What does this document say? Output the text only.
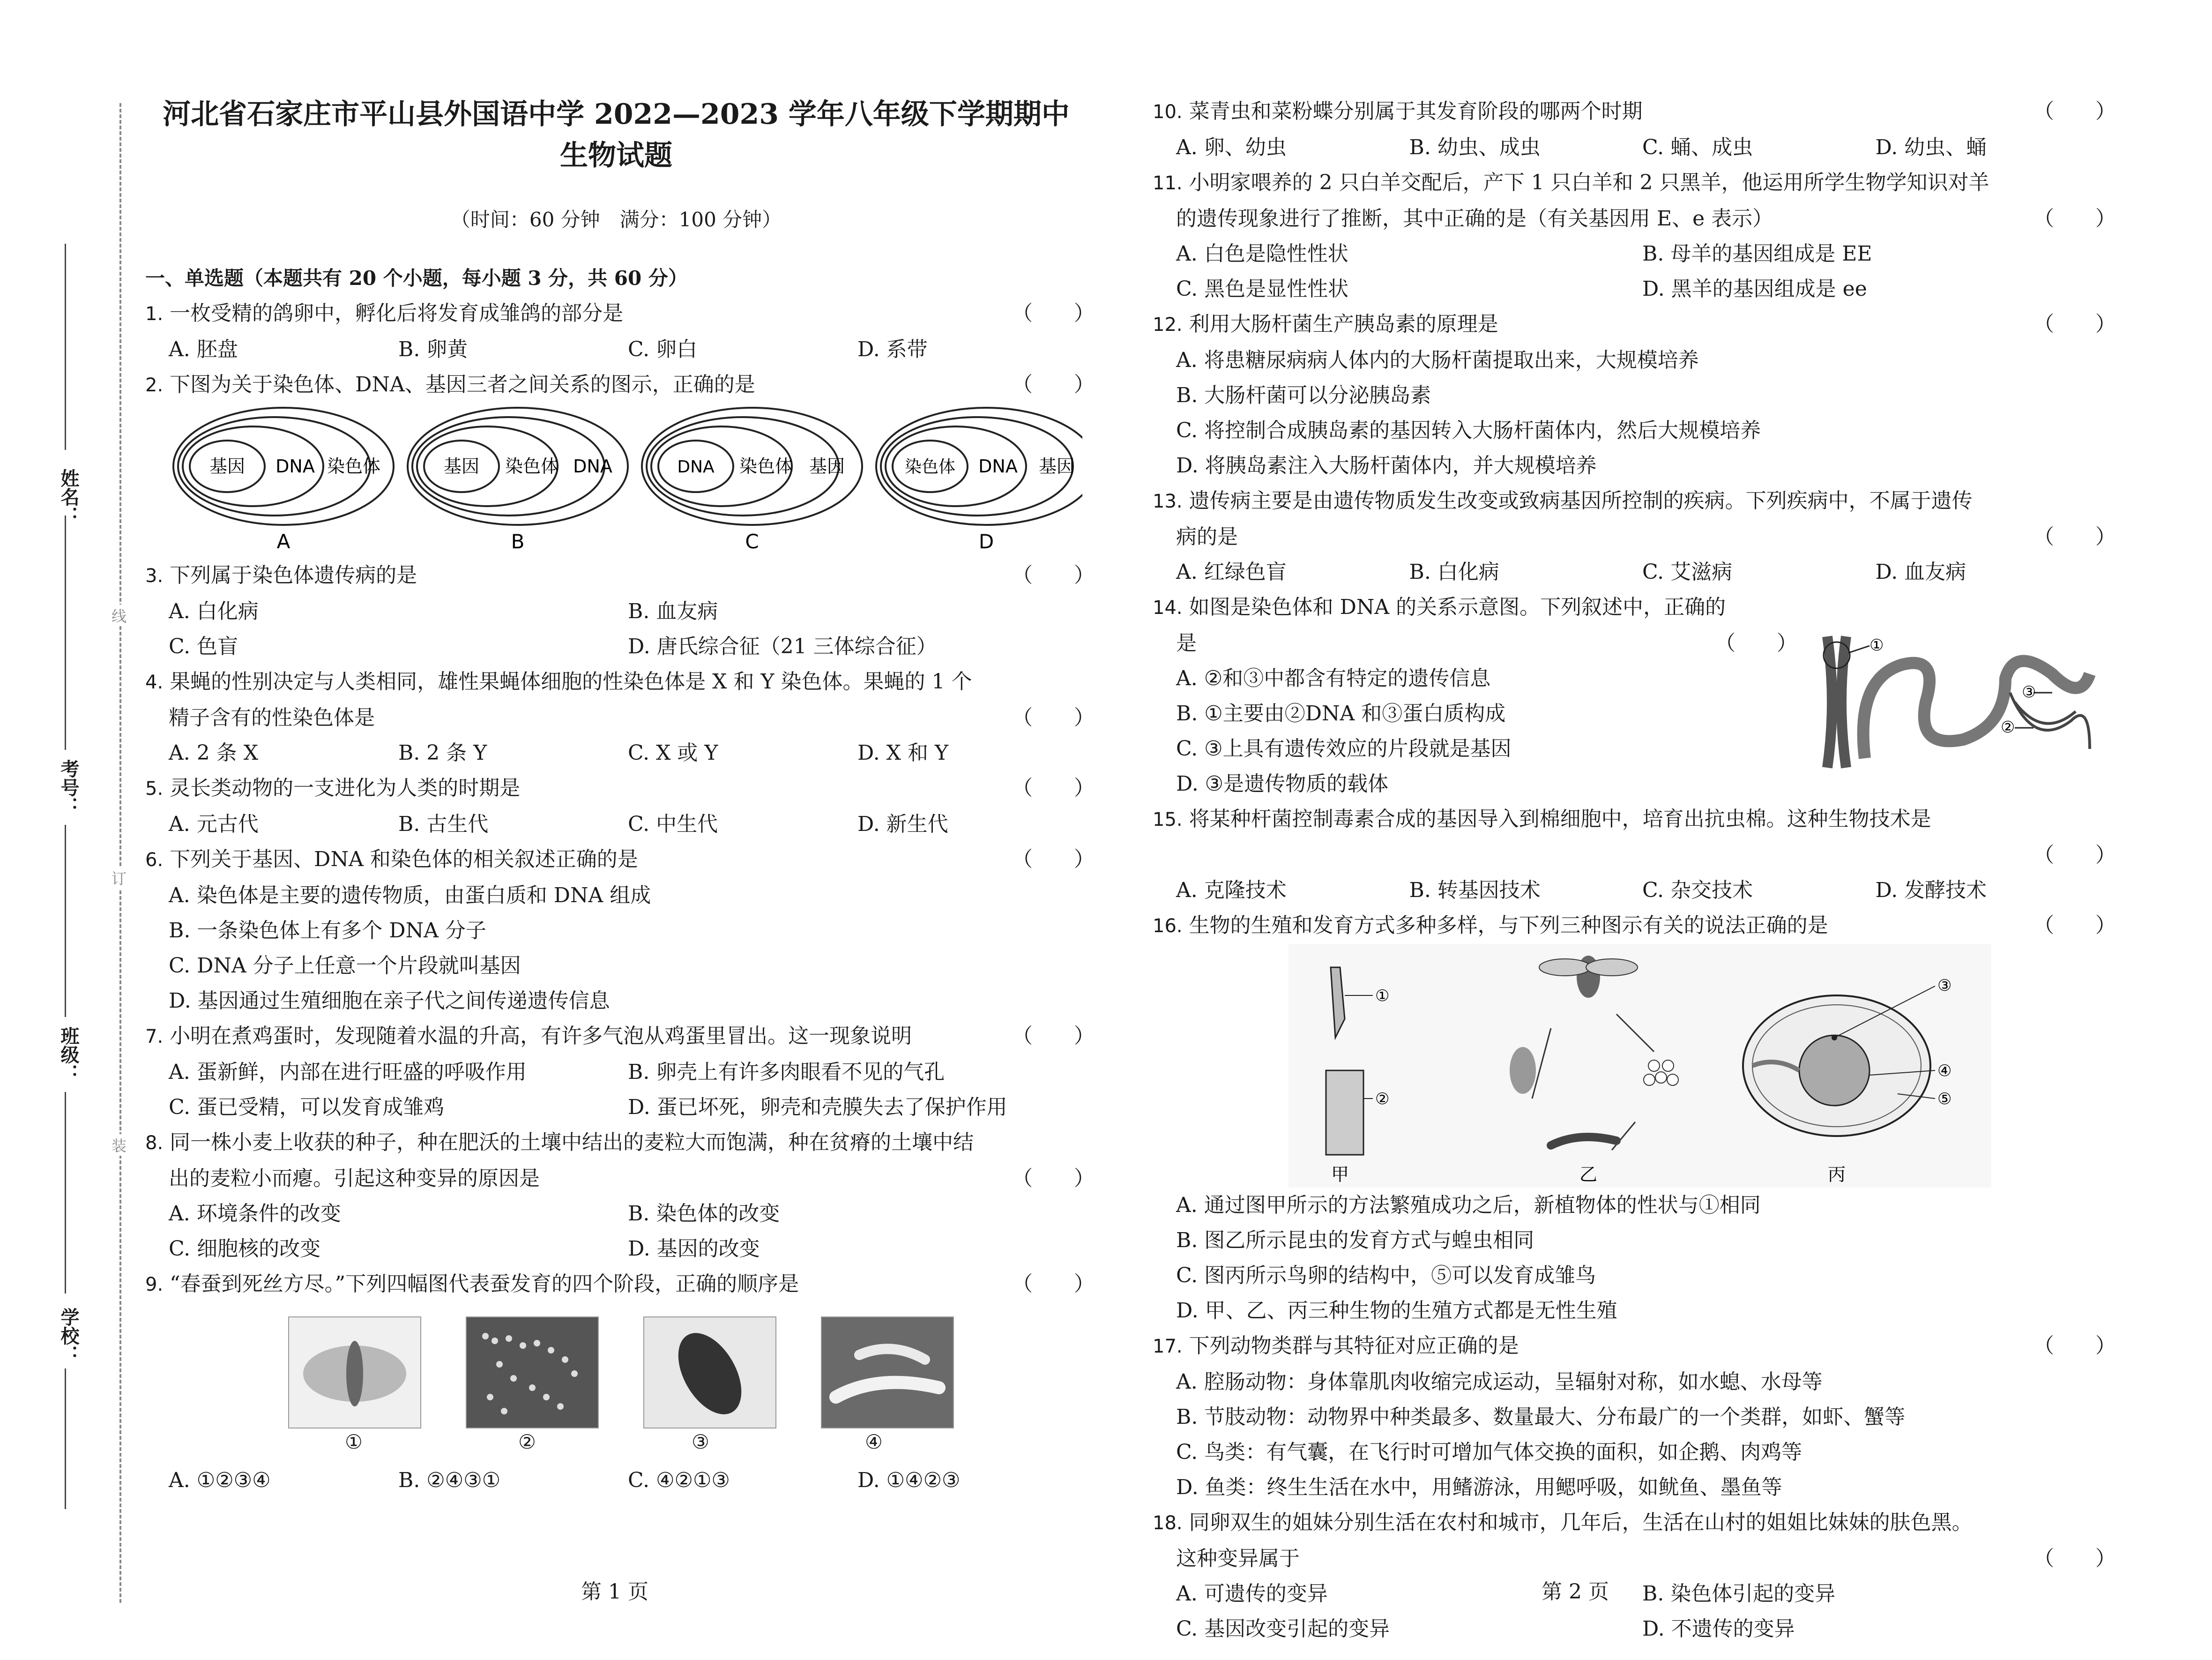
姓名：
考号：
班级：
学校：
线
订
装
河北省石家庄市平山县外国语中学 2022—2023 学年八年级下学期期中
生物试题
（时间：60 分钟　满分：100 分钟）
一、单选题（本题共有 20 个小题，每小题 3 分，共 60 分）
（　　）
1. 一枚受精的鸽卵中，孵化后将发育成雏鸽的部分是
A. 胚盘	B. 卵黄	C. 卵白	D. 系带
（　　）
2. 下图为关于染色体、DNA、基因三者之间关系的图示，正确的是
基因 DNA 染色体
A
基因 染色体 DNA
B
DNA 染色体 基因
C
染色体 DNA 基因
D
（　　）
3. 下列属于染色体遗传病的是
A. 白化病	B. 血友病
C. 色盲	D. 唐氏综合征（21 三体综合征）
4. 果蝇的性别决定与人类相同，雄性果蝇体细胞的性染色体是 X 和 Y 染色体。果蝇的 1 个
（　　）
精子含有的性染色体是
A. 2 条 X	B. 2 条 Y	C. X 或 Y	D. X 和 Y
（　　）
5. 灵长类动物的一支进化为人类的时期是
A. 元古代	B. 古生代	C. 中生代	D. 新生代
（　　）
6. 下列关于基因、DNA 和染色体的相关叙述正确的是
A. 染色体是主要的遗传物质，由蛋白质和 DNA 组成
B. 一条染色体上有多个 DNA 分子
C. DNA 分子上任意一个片段就叫基因
D. 基因通过生殖细胞在亲子代之间传递遗传信息
（　　）
7. 小明在煮鸡蛋时，发现随着水温的升高，有许多气泡从鸡蛋里冒出。这一现象说明
A. 蛋新鲜，内部在进行旺盛的呼吸作用	B. 卵壳上有许多肉眼看不见的气孔
C. 蛋已受精，可以发育成雏鸡	D. 蛋已坏死，卵壳和壳膜失去了保护作用
8. 同一株小麦上收获的种子，种在肥沃的土壤中结出的麦粒大而饱满，种在贫瘠的土壤中结
（　　）
出的麦粒小而瘪。引起这种变异的原因是
A. 环境条件的改变	B. 染色体的改变
C. 细胞核的改变	D. 基因的改变
（　　）
9. “春蚕到死丝方尽。”下列四幅图代表蚕发育的四个阶段，正确的顺序是

①	②	③	④
A. ①②③④	B. ②④③①	C. ④②①③	D. ①④②③
第 1 页
（　　）
10. 菜青虫和菜粉蝶分别属于其发育阶段的哪两个时期
A. 卵、幼虫	B. 幼虫、成虫	C. 蛹、成虫	D. 幼虫、蛹
11. 小明家喂养的 2 只白羊交配后，产下 1 只白羊和 2 只黑羊，他运用所学生物学知识对羊
（　　）
的遗传现象进行了推断，其中正确的是（有关基因用 E、e 表示）
A. 白色是隐性性状	B. 母羊的基因组成是 EE
C. 黑色是显性性状	D. 黑羊的基因组成是 ee
（　　）
12. 利用大肠杆菌生产胰岛素的原理是
A. 将患糖尿病病人体内的大肠杆菌提取出来，大规模培养
B. 大肠杆菌可以分泌胰岛素
C. 将控制合成胰岛素的基因转入大肠杆菌体内，然后大规模培养
D. 将胰岛素注入大肠杆菌体内，并大规模培养
13. 遗传病主要是由遗传物质发生改变或致病基因所控制的疾病。下列疾病中，不属于遗传
（　　）
病的是
A. 红绿色盲	B. 白化病	C. 艾滋病	D. 血友病
14. 如图是染色体和 DNA 的关系示意图。下列叙述中，正确的
（　　）
是
A. ②和③中都含有特定的遗传信息
B. ①主要由②DNA 和③蛋白质构成
C. ③上具有遗传效应的片段就是基因
D. ③是遗传物质的载体
①
②
③
15. 将某种杆菌控制毒素合成的基因导入到棉细胞中，培育出抗虫棉。这种生物技术是
（　　）

A. 克隆技术	B. 转基因技术	C. 杂交技术	D. 发酵技术
（　　）
16. 生物的生殖和发育方式多种多样，与下列三种图示有关的说法正确的是
①
②
甲	乙
③
④
⑤
丙
A. 通过图甲所示的方法繁殖成功之后，新植物体的性状与①相同
B. 图乙所示昆虫的发育方式与蝗虫相同
C. 图丙所示鸟卵的结构中，⑤可以发育成雏鸟
D. 甲、乙、丙三种生物的生殖方式都是无性生殖
（　　）
17. 下列动物类群与其特征对应正确的是
A. 腔肠动物：身体靠肌肉收缩完成运动，呈辐射对称，如水螅、水母等
B. 节肢动物：动物界中种类最多、数量最大、分布最广的一个类群，如虾、蟹等
C. 鸟类：有气囊，在飞行时可增加气体交换的面积，如企鹅、肉鸡等
D. 鱼类：终生生活在水中，用鳍游泳，用鳃呼吸，如鱿鱼、墨鱼等
18. 同卵双生的姐妹分别生活在农村和城市，几年后，生活在山村的姐姐比妹妹的肤色黑。
（　　）
这种变异属于
A. 可遗传的变异	B. 染色体引起的变异
C. 基因改变引起的变异	D. 不遗传的变异
第 2 页
